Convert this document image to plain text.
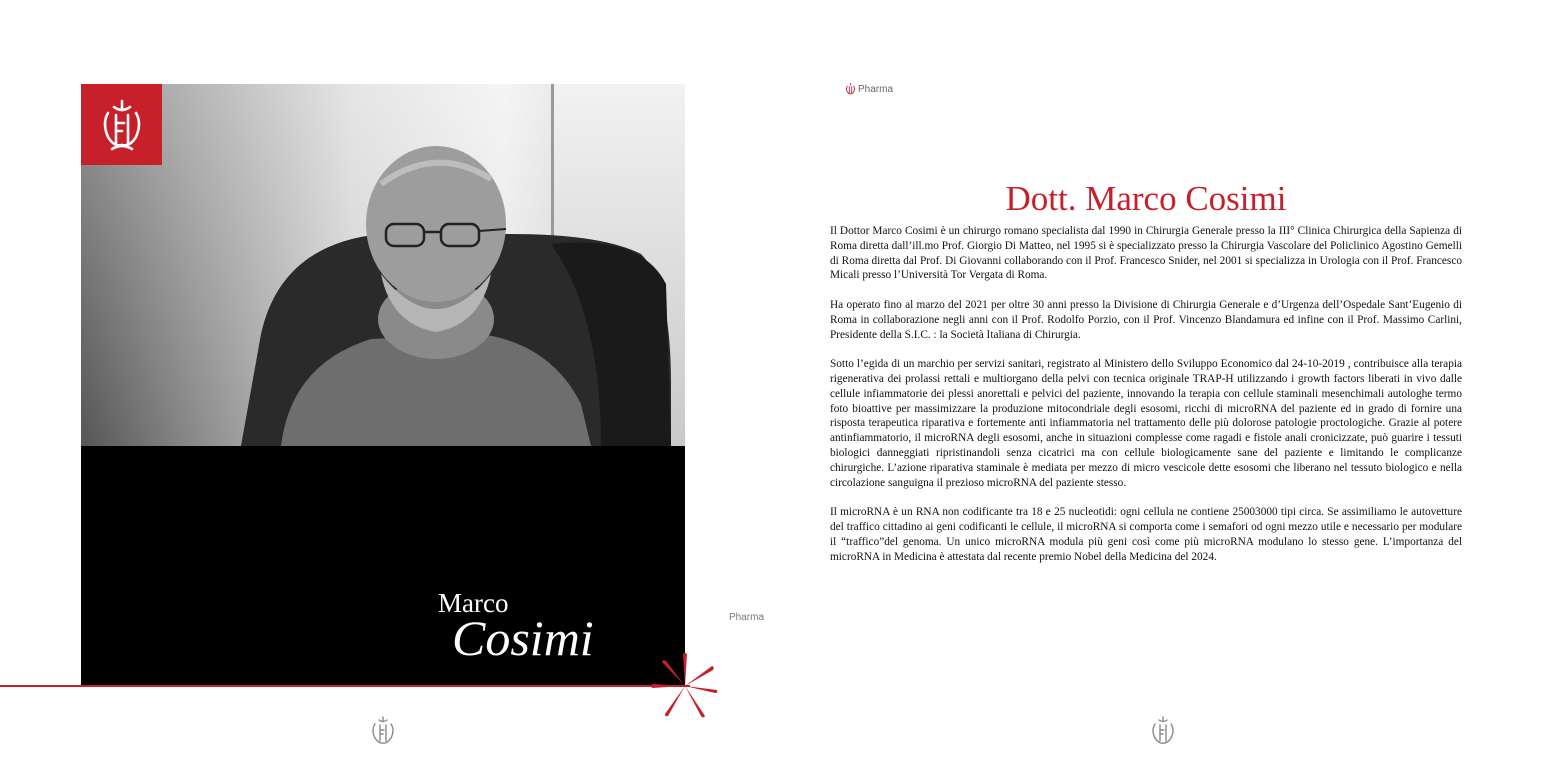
Marco
Cosimi	Pharma
Pharma
Dott. Marco Cosimi

Il Dottor Marco Cosimi è un chirurgo romano specialista dal 1990 in Chirurgia Generale presso la III° Clinica Chirurgica della Sapienza di Roma diretta dall’ill.mo Prof. Giorgio Di Matteo, nel 1995 si è specializzato presso la Chirurgia Vascolare del Policlinico Agostino Gemelli di Roma diretta dal Prof. Di Giovanni collaborando con il Prof. Francesco Snider, nel 2001 si specializza in Urologia con il Prof. Francesco Micali presso l’Università Tor Vergata di Roma.

Ha operato fino al marzo del 2021 per oltre 30 anni presso la Divisione di Chirurgia Generale e d’Urgenza dell’Ospedale Sant’Eugenio di Roma in collaborazione negli anni con il Prof. Rodolfo Porzio, con il Prof. Vincenzo Blandamura ed infine con il Prof. Massimo Carlini, Presidente della S.I.C. : la Società Italiana di Chirurgia.

Sotto l’egida di un marchio per servizi sanitari, registrato al Ministero dello Sviluppo Economico dal 24-10-2019 , contribuisce alla terapia rigenerativa dei prolassi rettali e multiorgano della pelvi con tecnica originale TRAP-H utilizzando i growth factors liberati in vivo dalle cellule infiammatorie dei plessi anorettali e pelvici del paziente, innovando la terapia con cellule staminali mesenchimali autologhe termo foto bioattive per massimizzare la produzione mitocondriale degli esosomi, ricchi di microRNA del paziente ed in grado di fornire una risposta terapeutica riparativa e fortemente anti infiammatoria nel trattamento delle più dolorose patologie proctologiche. Grazie al potere antinfiammatorio, il microRNA degli esosomi, anche in situazioni complesse come ragadi e fistole anali cronicizzate, può guarire i tessuti biologici danneggiati ripristinandoli senza cicatrici ma con cellule biologicamente sane del paziente e limitando le complicanze chirurgiche. L’azione riparativa staminale è mediata per mezzo di micro vescicole dette esosomi che liberano nel tessuto biologico e nella circolazione sanguigna il prezioso microRNA del paziente stesso.

Il microRNA è un RNA non codificante tra 18 e 25 nucleotidi: ogni cellula ne contiene 25003000 tipi circa. Se assimiliamo le autovetture del traffico cittadino ai geni codificanti le cellule, il microRNA si comporta come i semafori od ogni mezzo utile e necessario per modulare il “traffico”del genoma. Un unico microRNA modula più geni così come più microRNA modulano lo stesso gene. L’importanza del microRNA in Medicina è attestata dal recente premio Nobel della Medicina del 2024.
